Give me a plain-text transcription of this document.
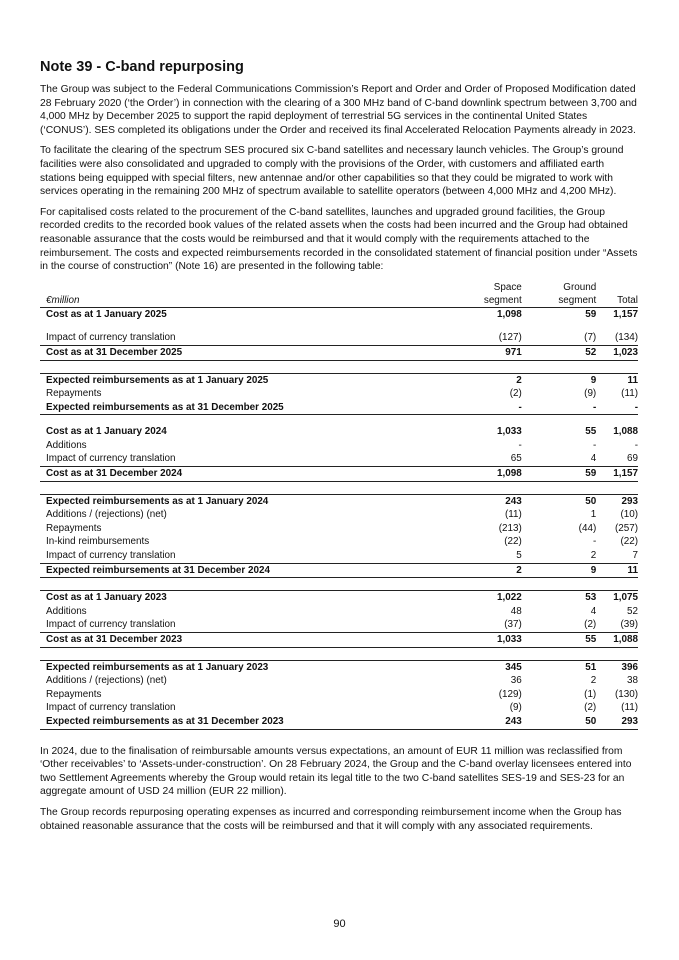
Note 39 - C-band repurposing

The Group was subject to the Federal Communications Commission’s Report and Order and Order of Proposed Modification dated 28 February 2020 (‘the Order’) in connection with the clearing of a 300 MHz band of C-band downlink spectrum between 3,700 and 4,000 MHz by December 2025 to support the rapid deployment of terrestrial 5G services in the continental United States (‘CONUS’). SES completed its obligations under the Order and received its final Accelerated Relocation Payments already in 2023.

To facilitate the clearing of the spectrum SES procured six C-band satellites and necessary launch vehicles. The Group’s ground facilities were also consolidated and upgraded to comply with the provisions of the Order, with customers and affiliated earth stations being equipped with special filters, new antennae and/or other capabilities so that they could be migrated to work with services operating in the remaining 200 MHz of spectrum available to satellite operators (between 4,000 MHz and 4,200 MHz).

For capitalised costs related to the procurement of the C-band satellites, launches and upgraded ground facilities, the Group recorded credits to the recorded book values of the related assets when the costs had been incurred and the Group had obtained reasonable assurance that the costs would be reimbursed and that it would comply with the requirements attached to the reimbursement. The costs and expected reimbursements recorded in the consolidated statement of financial position under “Assets in the course of construction” (Note 16) are presented in the following table:

	Space	Ground	
€million	segment	segment	Total
Cost as at 1 January 2025	1,098	59	1,157

Impact of currency translation	(127)	(7)	(134)
Cost as at 31 December 2025	971	52	1,023

Expected reimbursements as at 1 January 2025	2	9	11
Repayments	(2)	(9)	(11)
Expected reimbursements as at 31 December 2025	-	-	-

Cost as at 1 January 2024	1,033	55	1,088
Additions	-	-	-
Impact of currency translation	65	4	69
Cost as at 31 December 2024	1,098	59	1,157

Expected reimbursements as at 1 January 2024	243	50	293
Additions / (rejections) (net)	(11)	1	(10)
Repayments	(213)	(44)	(257)
In-kind reimbursements	(22)	-	(22)
Impact of currency translation	5	2	7
Expected reimbursements at 31 December 2024	2	9	11

Cost as at 1 January 2023	1,022	53	1,075
Additions	48	4	52
Impact of currency translation	(37)	(2)	(39)
Cost as at 31 December 2023	1,033	55	1,088

Expected reimbursements as at 1 January 2023	345	51	396
Additions / (rejections) (net)	36	2	38
Repayments	(129)	(1)	(130)
Impact of currency translation	(9)	(2)	(11)
Expected reimbursements as at 31 December 2023	243	50	293

In 2024, due to the finalisation of reimbursable amounts versus expectations, an amount of EUR 11 million was reclassified from ‘Other receivables’ to ‘Assets-under-construction’. On 28 February 2024, the Group and the C-band overlay licensees entered into two Settlement Agreements whereby the Group would retain its legal title to the two C-band satellites SES-19 and SES-23 for an aggregate amount of USD 24 million (EUR 22 million).

The Group records repurposing operating expenses as incurred and corresponding reimbursement income when the Group has obtained reasonable assurance that the costs will be reimbursed and that it will comply with any associated requirements.

90
